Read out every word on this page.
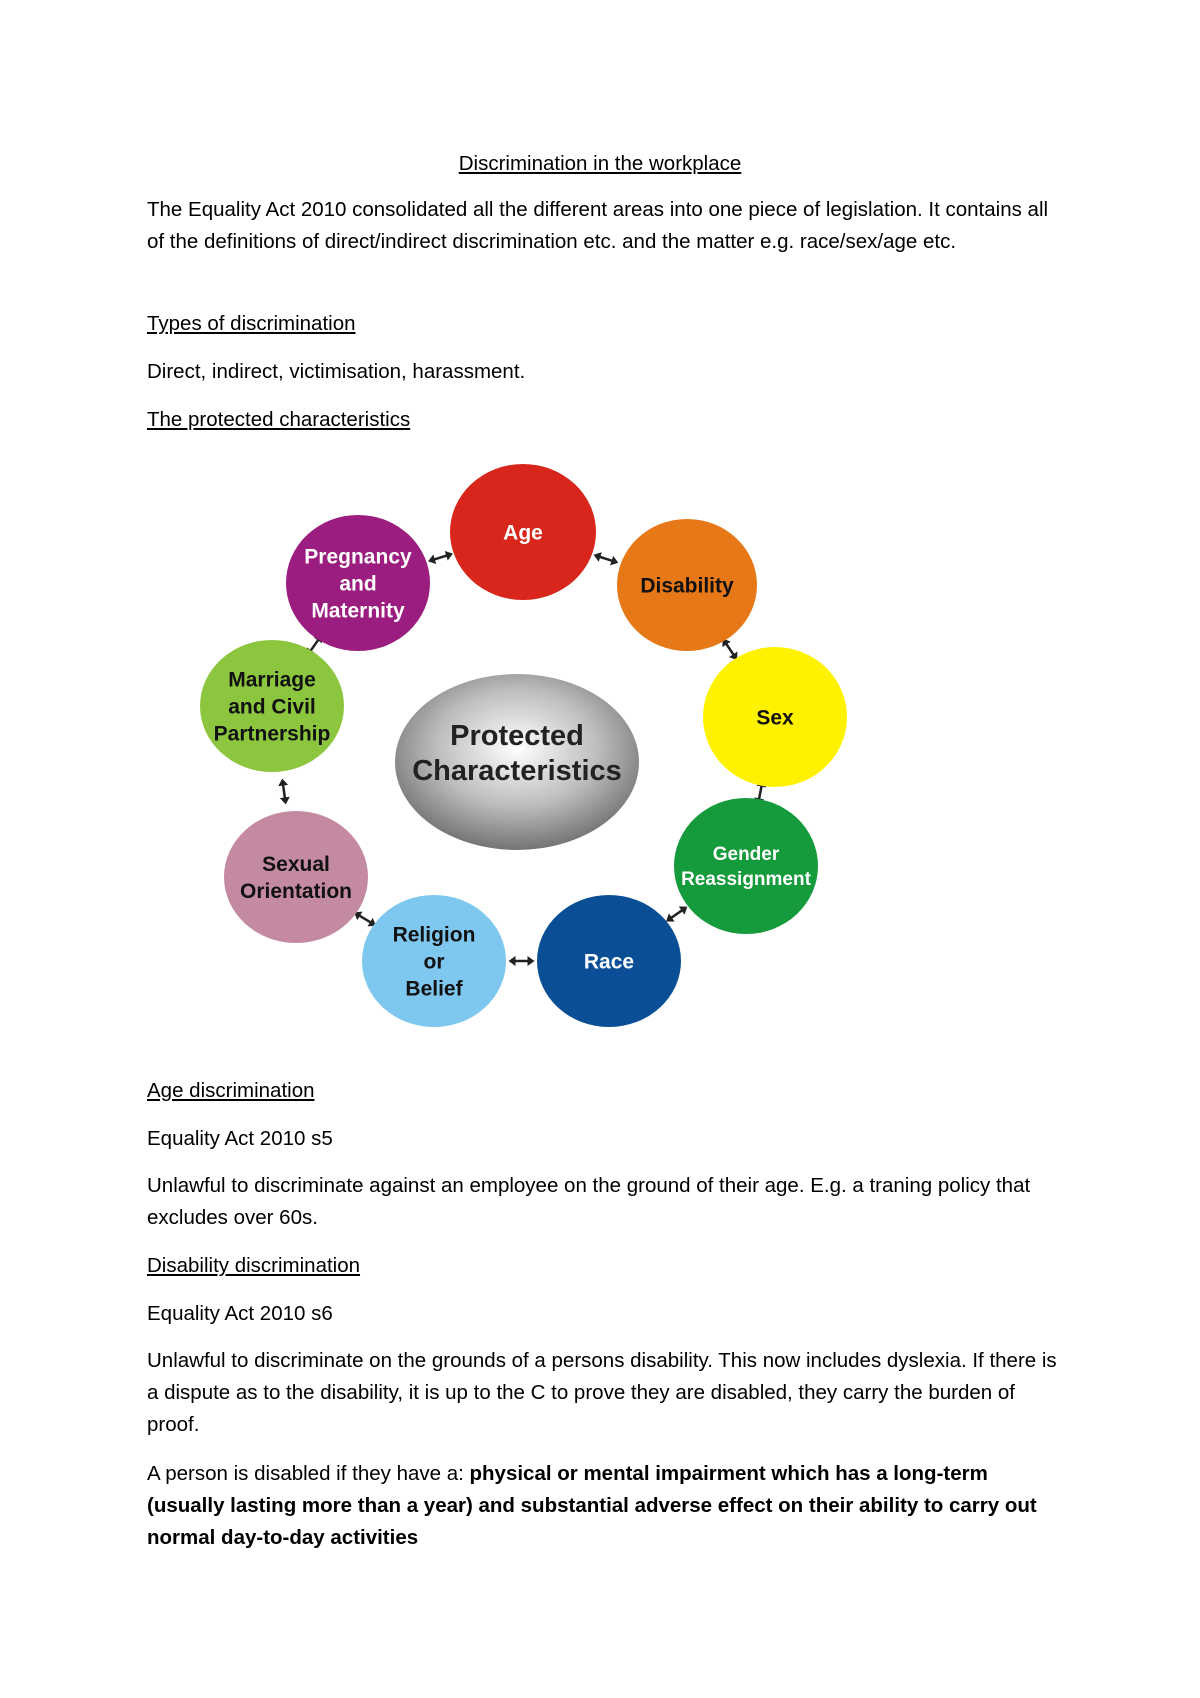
Discrimination in the workplace

The Equality Act 2010 consolidated all the different areas into one piece of legislation. It contains all of the definitions of direct/indirect discrimination etc. and the matter e.g. race/sex/age etc.

Types of discrimination

Direct, indirect, victimisation, harassment.

The protected characteristics

Age
Disability
Sex
Gender
Reassignment
Race
Religion
or
Belief
Sexual
Orientation
Marriage
and Civil
Partnership
Pregnancy
and
Maternity
Protected
Characteristics

Age discrimination

Equality Act 2010 s5

Unlawful to discriminate against an employee on the ground of their age. E.g. a traning policy that excludes over 60s.

Disability discrimination

Equality Act 2010 s6

Unlawful to discriminate on the grounds of a persons disability. This now includes dyslexia. If there is a dispute as to the disability, it is up to the C to prove they are disabled, they carry the burden of proof.

A person is disabled if they have a: physical or mental impairment which has a long-term (usually lasting more than a year) and substantial adverse effect on their ability to carry out normal day-to-day activities
